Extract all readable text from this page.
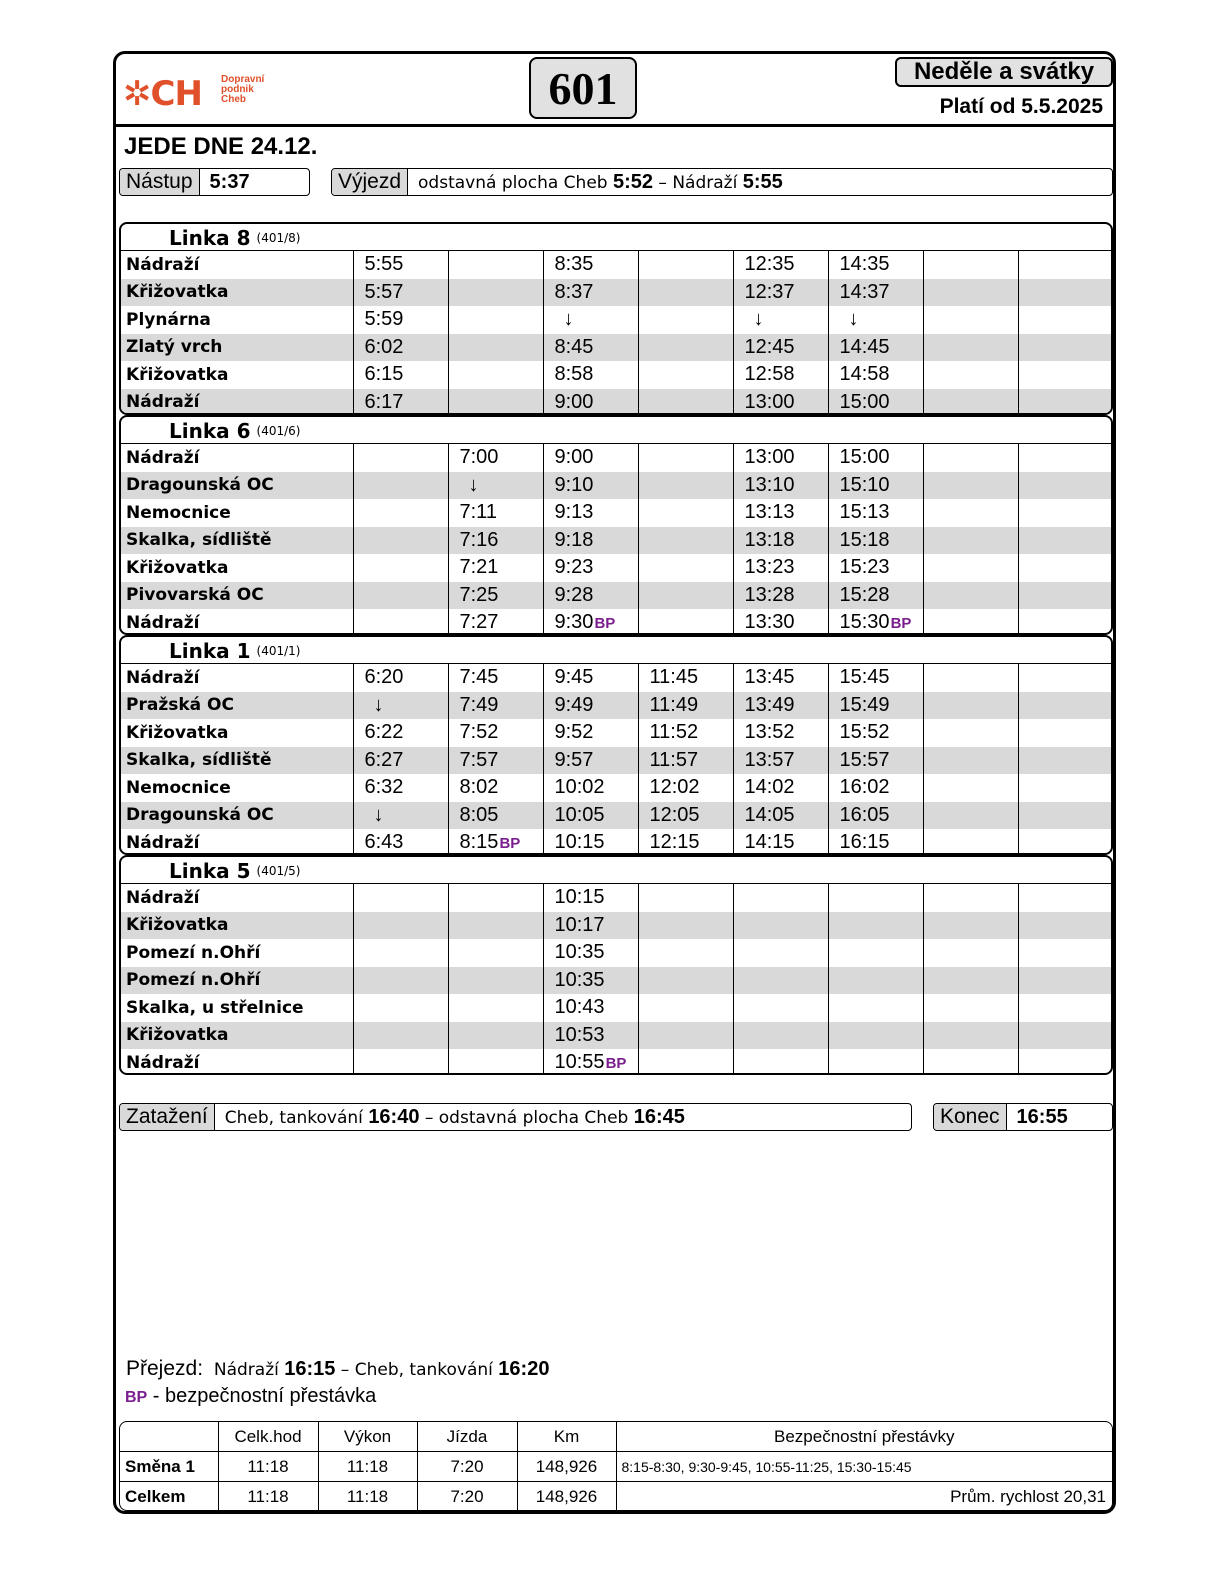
✲CH Dopravní
podnik
Cheb	601	Neděle a svátky
Platí od 5.5.2025
JEDE DNE 24.12.
Nástup 5:37	Výjezd	odstavná plocha Cheb 5:52 – Nádraží 5:55
Linka 8 (401/8)
Nádraží	5:55		8:35		12:35	14:35		
Křižovatka	5:57		8:37		12:37	14:37		
Plynárna	5:59		↓		↓	↓		
Zlatý vrch	6:02		8:45		12:45	14:45		
Křižovatka	6:15		8:58		12:58	14:58		
Nádraží	6:17		9:00		13:00	15:00		
Linka 6 (401/6)
Nádraží		7:00	9:00		13:00	15:00		
Dragounská OC		↓	9:10		13:10	15:10		
Nemocnice		7:11	9:13		13:13	15:13		
Skalka, sídliště		7:16	9:18		13:18	15:18		
Křižovatka		7:21	9:23		13:23	15:23		
Pivovarská OC		7:25	9:28		13:28	15:28		
Nádraží		7:27	9:30BP		13:30	15:30BP		
Linka 1 (401/1)
Nádraží	6:20	7:45	9:45	11:45	13:45	15:45		
Pražská OC	↓	7:49	9:49	11:49	13:49	15:49		
Křižovatka	6:22	7:52	9:52	11:52	13:52	15:52		
Skalka, sídliště	6:27	7:57	9:57	11:57	13:57	15:57		
Nemocnice	6:32	8:02	10:02	12:02	14:02	16:02		
Dragounská OC	↓	8:05	10:05	12:05	14:05	16:05		
Nádraží	6:43	8:15BP	10:15	12:15	14:15	16:15		
Linka 5 (401/5)
Nádraží			10:15					
Křižovatka			10:17					
Pomezí n.Ohří			10:35					
Pomezí n.Ohří			10:35					
Skalka, u střelnice			10:43					
Křižovatka			10:53					
Nádraží			10:55BP					
Zatažení	Cheb, tankování 16:40 – odstavná plocha Cheb 16:45	Konec 16:55
Přejezd: Nádraží 16:15 – Cheb, tankování 16:20
BP - bezpečnostní přestávka
	Celk.hod	Výkon	Jízda	Km	Bezpečnostní přestávky
Směna 1	11:18	11:18	7:20	148,926	8:15-8:30, 9:30-9:45, 10:55-11:25, 15:30-15:45
Celkem	11:18	11:18	7:20	148,926	Prům. rychlost 20,31
